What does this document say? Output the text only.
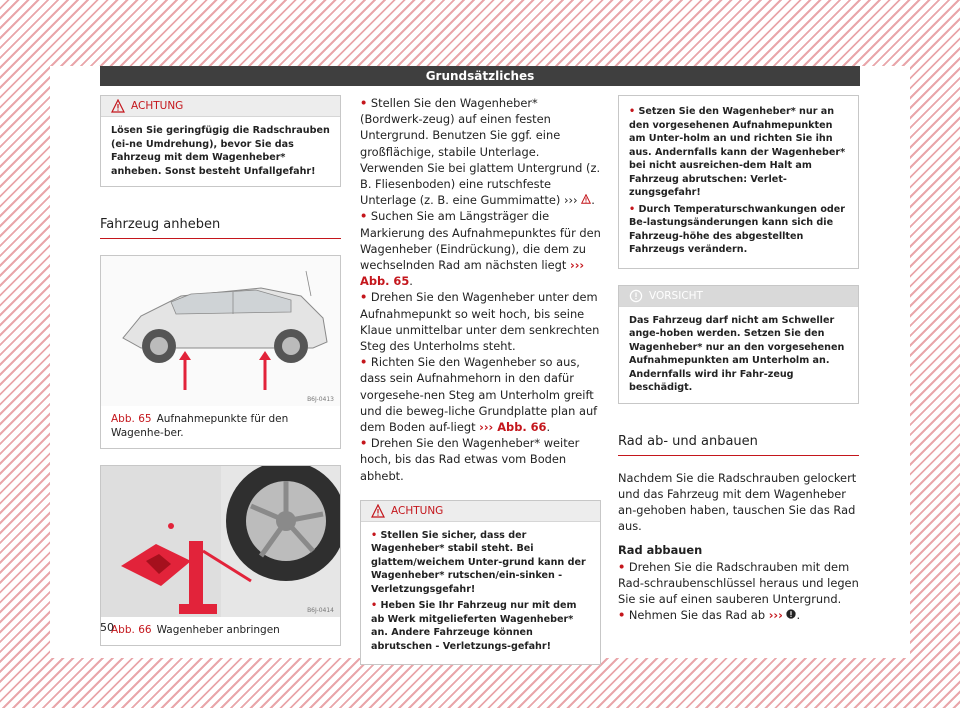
Grundsätzliches
ACHTUNG
Lösen Sie geringfügig die Radschrauben (ei-ne Umdrehung), bevor Sie das Fahrzeug mit dem Wagenheber* anheben. Sonst besteht Unfallgefahr!
Fahrzeug anheben
B6J-0413
Abb. 65 Aufnahmepunkte für den Wagenhe-ber.
B6J-0414
Abb. 66 Wagenheber anbringen

• Stellen Sie den Wagenheber* (Bordwerk-zeug) auf einen festen Untergrund. Benutzen Sie ggf. eine großflächige, stabile Unterlage. Verwenden Sie bei glattem Untergrund (z. B. Fliesenboden) eine rutschfeste Unterlage (z. B. eine Gummimatte) ››› .

• Suchen Sie am Längsträger die Markierung des Aufnahmepunktes für den Wagenheber (Eindrückung), die dem zu wechselnden Rad am nächsten liegt ››› Abb. 65.

• Drehen Sie den Wagenheber unter dem Aufnahmepunkt so weit hoch, bis seine Klaue unmittelbar unter dem senkrechten Steg des Unterholms steht.

• Richten Sie den Wagenheber so aus, dass sein Aufnahmehorn in den dafür vorgesehe-nen Steg am Unterholm greift und die beweg-liche Grundplatte plan auf dem Boden auf-liegt ››› Abb. 66.

• Drehen Sie den Wagenheber* weiter hoch, bis das Rad etwas vom Boden abhebt.

ACHTUNG

• Stellen Sie sicher, dass der Wagenheber* stabil steht. Bei glattem/weichem Unter-grund kann der Wagenheber* rutschen/ein-sinken - Verletzungsgefahr!

• Heben Sie Ihr Fahrzeug nur mit dem ab Werk mitgelieferten Wagenheber* an. Andere Fahrzeuge können abrutschen - Verletzungs-gefahr!

• Setzen Sie den Wagenheber* nur an den vorgesehenen Aufnahmepunkten am Unter-holm an und richten Sie ihn aus. Andernfalls kann der Wagenheber* bei nicht ausreichen-dem Halt am Fahrzeug abrutschen: Verlet-zungsgefahr!

• Durch Temperaturschwankungen oder Be-lastungsänderungen kann sich die Fahrzeug-höhe des abgestellten Fahrzeugs verändern.

VORSICHT
Das Fahrzeug darf nicht am Schweller ange-hoben werden. Setzen Sie den Wagenheber* nur an den vorgesehenen Aufnahmepunkten am Unterholm an. Andernfalls wird ihr Fahr-zeug beschädigt.
Rad ab- und anbauen

Nachdem Sie die Radschrauben gelockert und das Fahrzeug mit dem Wagenheber an-gehoben haben, tauschen Sie das Rad aus.

Rad abbauen

• Drehen Sie die Radschrauben mit dem Rad-schraubenschlüssel heraus und legen Sie sie auf einen sauberen Untergrund.

• Nehmen Sie das Rad ab ››› .

50
